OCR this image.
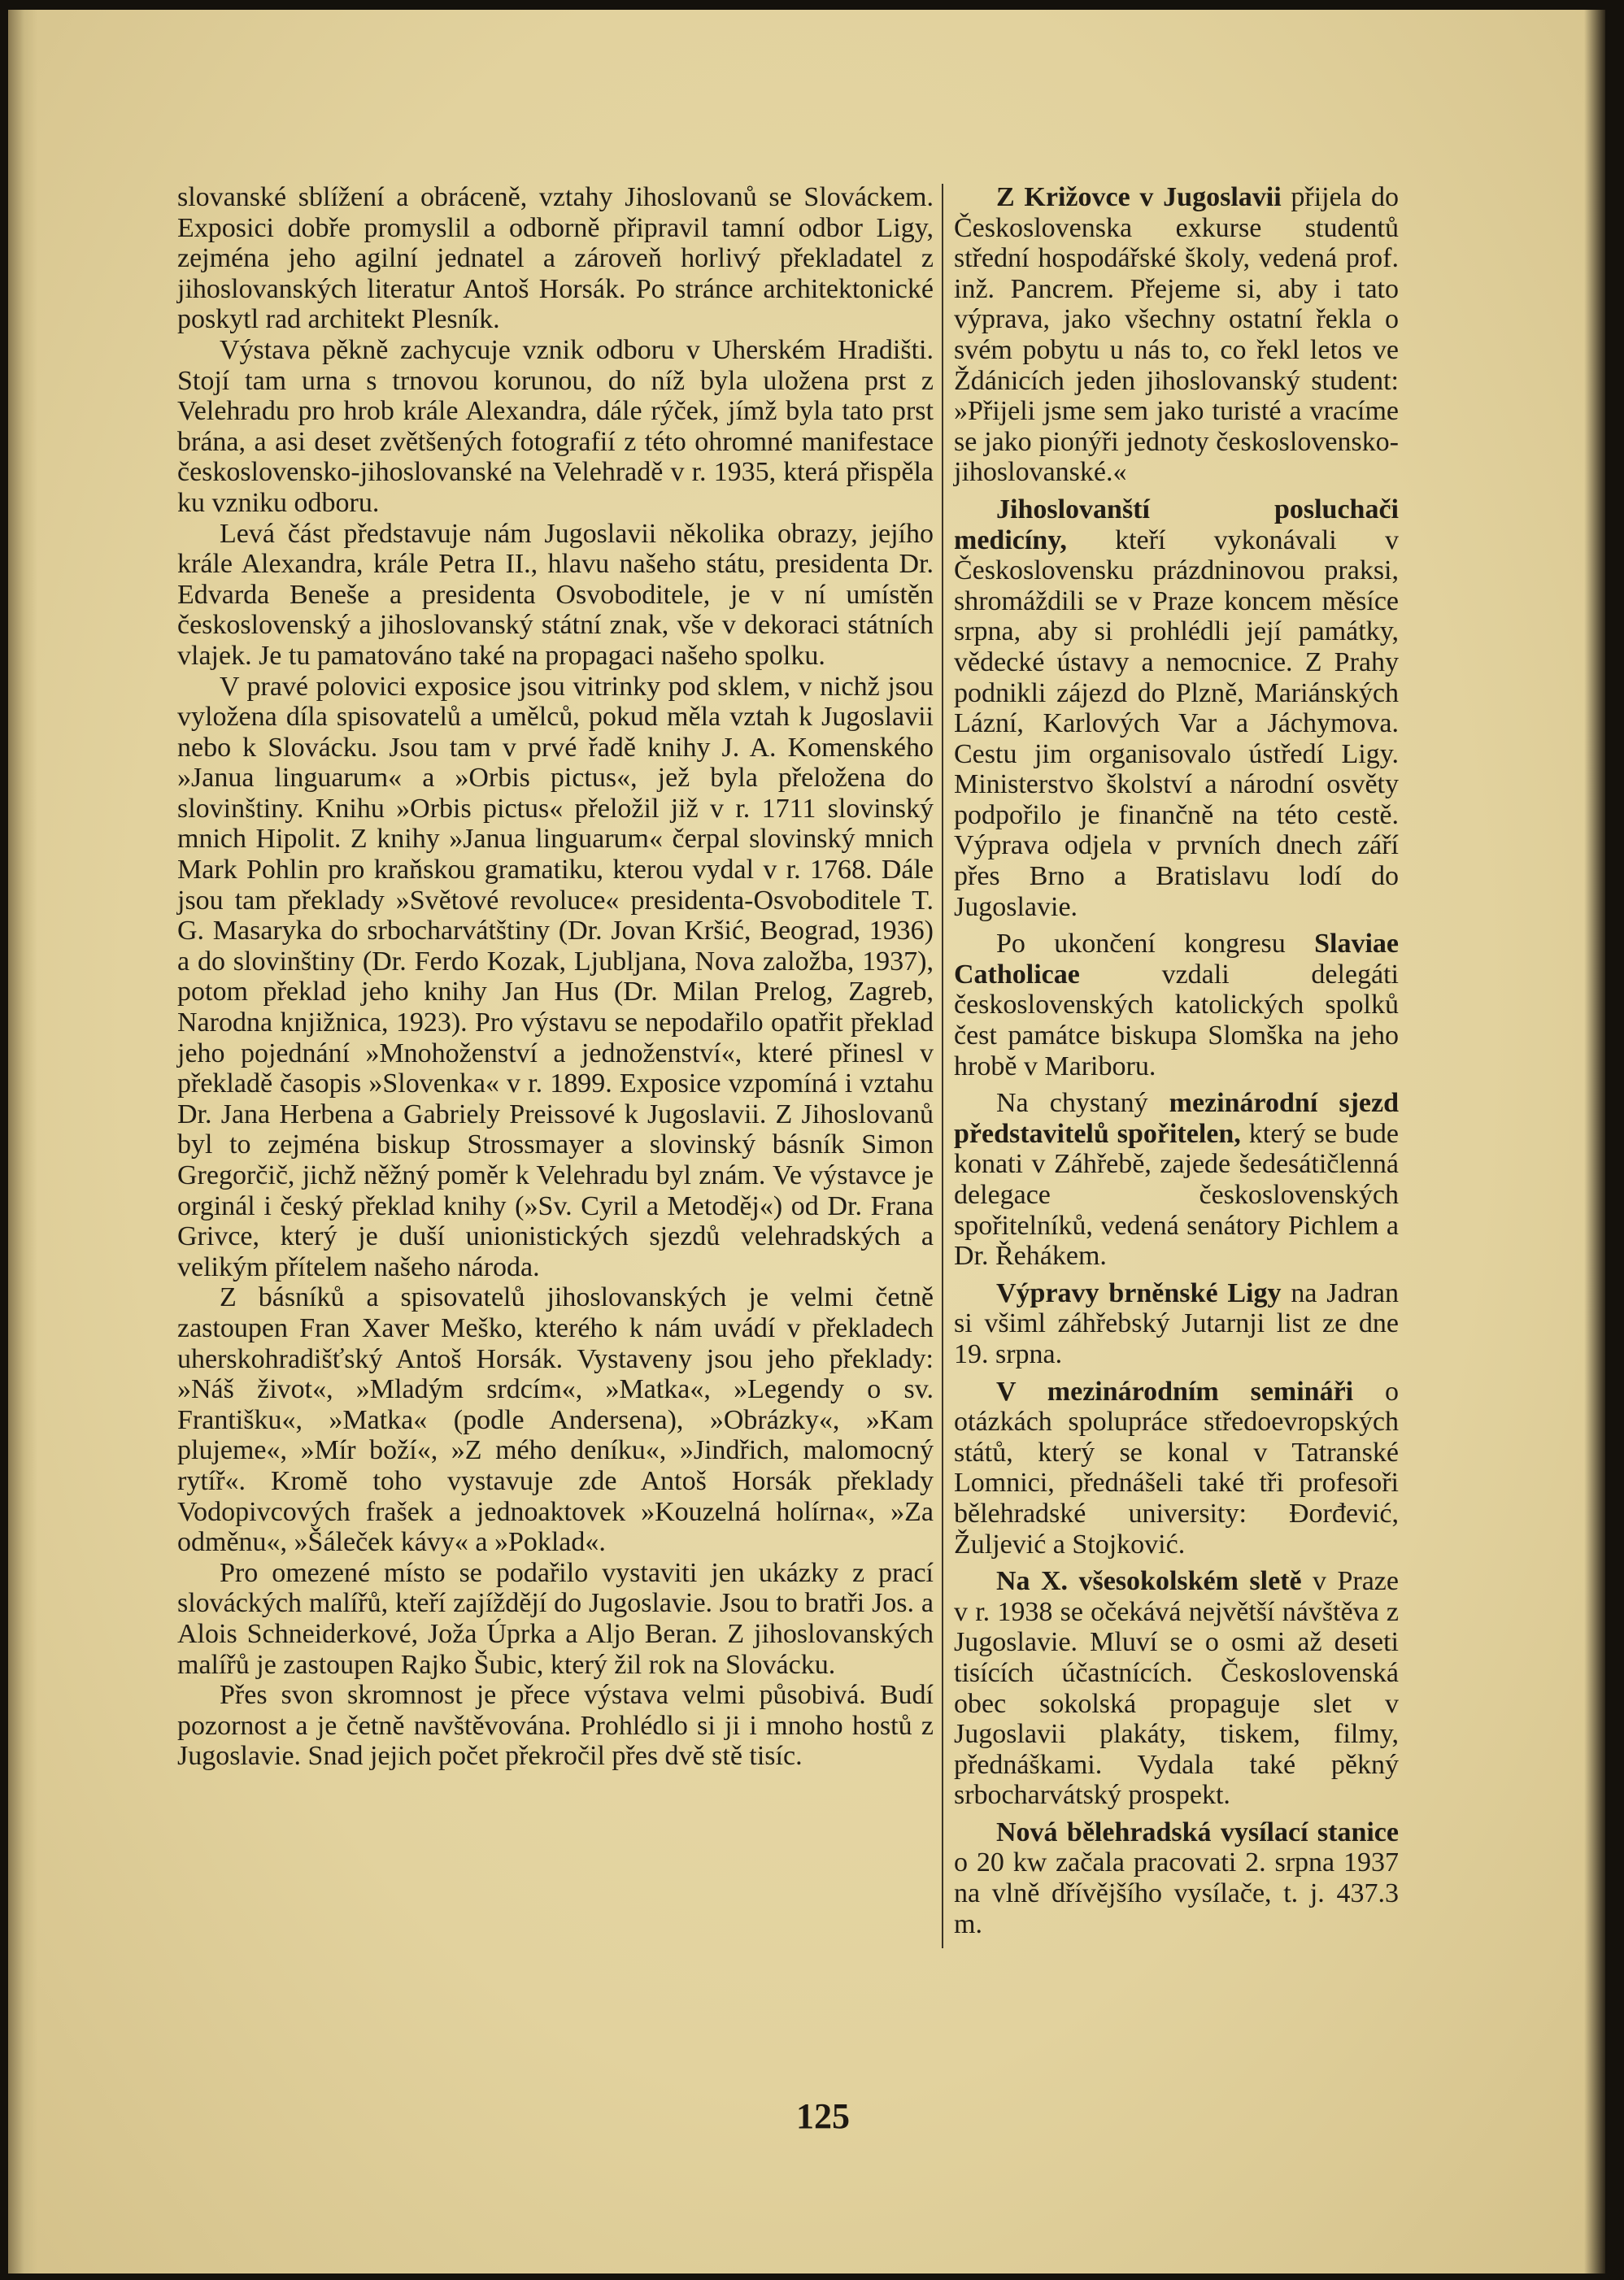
slovanské sblížení a obráceně, vztahy Jihoslovanů se Slováckem. Exposici dobře promyslil a odborně připravil tamní odbor Ligy, zejména jeho agilní jednatel a zároveň horlivý překladatel z jihoslovanských literatur Antoš Horsák. Po stránce architektonické poskytl rad architekt Plesník.

Výstava pěkně zachycuje vznik odboru v Uherském Hradišti. Stojí tam urna s trnovou korunou, do níž byla uložena prst z Velehradu pro hrob krále Alexandra, dále rýček, jímž byla tato prst brána, a asi deset zvětšených fotografií z této ohromné manifestace československo-jihoslovanské na Velehradě v r. 1935, která přispěla ku vzniku odboru.

Levá část představuje nám Jugoslavii několika obrazy, jejího krále Alexandra, krále Petra II., hlavu našeho státu, presidenta Dr. Edvarda Beneše a presidenta Osvoboditele, je v ní umístěn československý a jihoslovanský státní znak, vše v dekoraci státních vlajek. Je tu pamatováno také na propagaci našeho spolku.

V pravé polovici exposice jsou vitrinky pod sklem, v nichž jsou vyložena díla spisovatelů a umělců, pokud měla vztah k Jugoslavii nebo k Slovácku. Jsou tam v prvé řadě knihy J. A. Komenského »Janua linguarum« a »Orbis pictus«, jež byla přeložena do slovinštiny. Knihu »Orbis pictus« přeložil již v r. 1711 slovinský mnich Hipolit. Z knihy »Janua linguarum« čerpal slovinský mnich Mark Pohlin pro kraňskou gramatiku, kterou vydal v r. 1768. Dále jsou tam překlady »Světové revoluce« presidenta-Osvoboditele T. G. Masaryka do srbocharvátštiny (Dr. Jovan Kršić, Beograd, 1936) a do slovinštiny (Dr. Ferdo Kozak, Ljubljana, Nova založba, 1937), potom překlad jeho knihy Jan Hus (Dr. Milan Prelog, Zagreb, Narodna knjižnica, 1923). Pro výstavu se nepodařilo opatřit překlad jeho pojednání »Mnohoženství a jednoženství«, které přinesl v překladě časopis »Slovenka« v r. 1899. Exposice vzpomíná i vztahu Dr. Jana Herbena a Gabriely Preissové k Jugoslavii. Z Jihoslovanů byl to zejména biskup Strossmayer a slovinský básník Simon Gregorčič, jichž něžný poměr k Velehradu byl znám. Ve výstavce je orginál i český překlad knihy (»Sv. Cyril a Metoděj«) od Dr. Frana Grivce, který je duší unionistických sjezdů velehradských a velikým přítelem našeho národa.

Z básníků a spisovatelů jihoslovanských je velmi četně zastoupen Fran Xaver Meško, kterého k nám uvádí v překladech uherskohradišťský Antoš Horsák. Vystaveny jsou jeho překlady: »Náš život«, »Mladým srdcím«, »Matka«, »Legendy o sv. Františku«, »Matka« (podle Andersena), »Obrázky«, »Kam plujeme«, »Mír boží«, »Z mého deníku«, »Jindřich, malomocný rytíř«. Kromě toho vystavuje zde Antoš Horsák překlady Vodopivcových frašek a jednoaktovek »Kouzelná holírna«, »Za odměnu«, »Šáleček kávy« a »Poklad«.

Pro omezené místo se podařilo vystaviti jen ukázky z prací slováckých malířů, kteří zajíždějí do Jugoslavie. Jsou to bratři Jos. a Alois Schneiderkové, Joža Úprka a Aljo Beran. Z jihoslovanských malířů je zastoupen Rajko Šubic, který žil rok na Slovácku.

Přes svon skromnost je přece výstava velmi působivá. Budí pozornost a je četně navštěvována. Prohlédlo si ji i mnoho hostů z Jugoslavie. Snad jejich počet překročil přes dvě stě tisíc.

Z Križovce v Jugoslavii přijela do Československa exkurse studentů střední hospodářské školy, vedená prof. inž. Pancrem. Přejeme si, aby i tato výprava, jako všechny ostatní řekla o svém pobytu u nás to, co řekl letos ve Ždánicích jeden jihoslovanský student: »Přijeli jsme sem jako turisté a vracíme se jako pionýři jednoty československo-jihoslovanské.«

Jihoslovanští posluchači medicíny, kteří vykonávali v Československu prázdninovou praksi, shromáždili se v Praze koncem měsíce srpna, aby si prohlédli její památky, vědecké ústavy a nemocnice. Z Prahy podnikli zájezd do Plzně, Mariánských Lázní, Karlových Var a Jáchymova. Cestu jim organisovalo ústředí Ligy. Ministerstvo školství a národní osvěty podpořilo je finančně na této cestě. Výprava odjela v prvních dnech září přes Brno a Bratislavu lodí do Jugoslavie.

Po ukončení kongresu Slaviae Catholicae vzdali delegáti československých katolických spolků čest památce biskupa Slomška na jeho hrobě v Mariboru.

Na chystaný mezinárodní sjezd představitelů spořitelen, který se bude konati v Záhřebě, zajede šedesátičlenná delegace československých spořitelníků, vedená senátory Pichlem a Dr. Řehákem.

Výpravy brněnské Ligy na Jadran si všiml záhřebský Jutarnji list ze dne 19. srpna.

V mezinárodním semináři o otázkách spolupráce středoevropských států, který se konal v Tatranské Lomnici, přednášeli také tři profesoři bělehradské university: Đorđević, Žuljević a Stojković.

Na X. všesokolském sletě v Praze v r. 1938 se očekává největší návštěva z Jugoslavie. Mluví se o osmi až deseti tisících účastnících. Československá obec sokolská propaguje slet v Jugoslavii plakáty, tiskem, filmy, přednáškami. Vydala také pěkný srbocharvátský prospekt.

Nová bělehradská vysílací stanice o 20 kw začala pracovati 2. srpna 1937 na vlně dřívějšího vysílače, t. j. 437.3 m.

125
